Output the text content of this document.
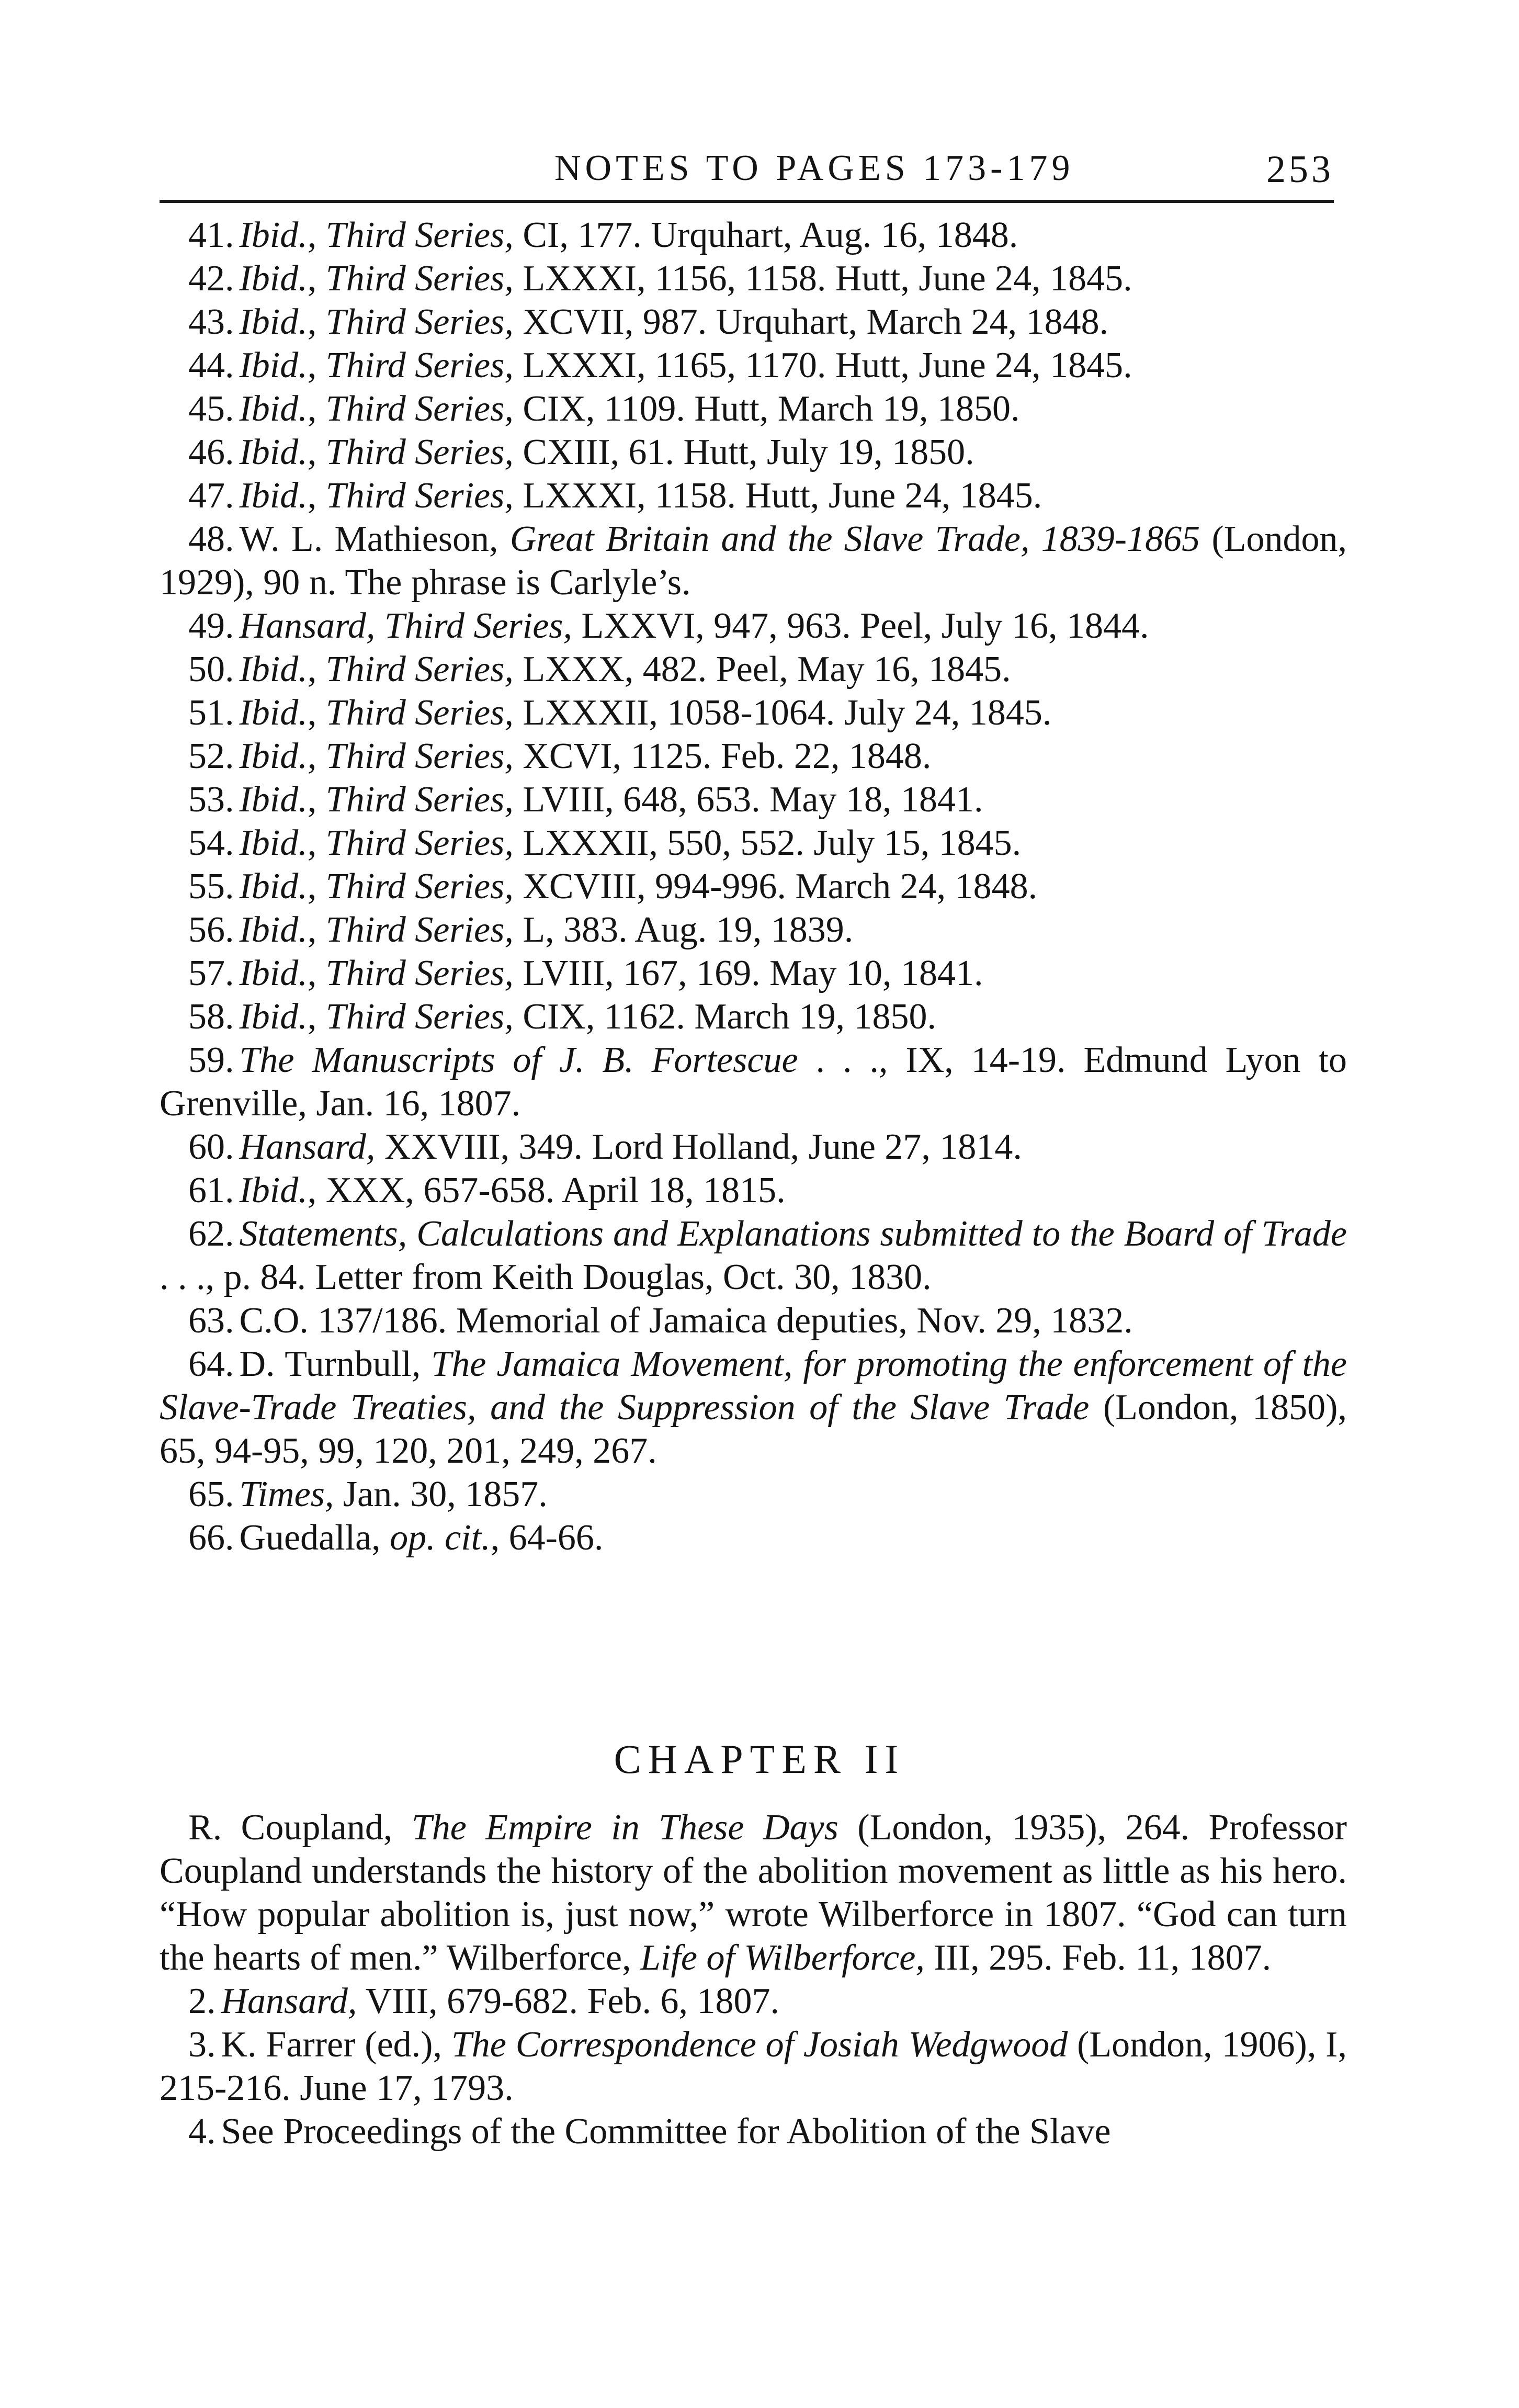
NOTES TO PAGES 173-179	253

41. Ibid., Third Series, CI, 177. Urquhart, Aug. 16, 1848.

42. Ibid., Third Series, LXXXI, 1156, 1158. Hutt, June 24, 1845.

43. Ibid., Third Series, XCVII, 987. Urquhart, March 24, 1848.

44. Ibid., Third Series, LXXXI, 1165, 1170. Hutt, June 24, 1845.

45. Ibid., Third Series, CIX, 1109. Hutt, March 19, 1850.

46. Ibid., Third Series, CXIII, 61. Hutt, July 19, 1850.

47. Ibid., Third Series, LXXXI, 1158. Hutt, June 24, 1845.

48. W. L. Mathieson, Great Britain and the Slave Trade, 1839-1865 (London, 1929), 90 n. The phrase is Carlyle’s.

49. Hansard, Third Series, LXXVI, 947, 963. Peel, July 16, 1844.

50. Ibid., Third Series, LXXX, 482. Peel, May 16, 1845.

51. Ibid., Third Series, LXXXII, 1058-1064. July 24, 1845.

52. Ibid., Third Series, XCVI, 1125. Feb. 22, 1848.

53. Ibid., Third Series, LVIII, 648, 653. May 18, 1841.

54. Ibid., Third Series, LXXXII, 550, 552. July 15, 1845.

55. Ibid., Third Series, XCVIII, 994-996. March 24, 1848.

56. Ibid., Third Series, L, 383. Aug. 19, 1839.

57. Ibid., Third Series, LVIII, 167, 169. May 10, 1841.

58. Ibid., Third Series, CIX, 1162. March 19, 1850.

59. The Manuscripts of J. B. Fortescue . . ., IX, 14-19. Edmund Lyon to Grenville, Jan. 16, 1807.

60. Hansard, XXVIII, 349. Lord Holland, June 27, 1814.

61. Ibid., XXX, 657-658. April 18, 1815.

62. Statements, Calculations and Explanations submitted to the Board of Trade . . ., p. 84. Letter from Keith Douglas, Oct. 30, 1830.

63. C.O. 137/186. Memorial of Jamaica deputies, Nov. 29, 1832.

64. D. Turnbull, The Jamaica Movement, for promoting the enforcement of the Slave-Trade Treaties, and the Suppression of the Slave Trade (London, 1850), 65, 94-95, 99, 120, 201, 249, 267.

65. Times, Jan. 30, 1857.

66. Guedalla, op. cit., 64-66.

CHAPTER II

R. Coupland, The Empire in These Days (London, 1935), 264. Professor Coupland understands the history of the abolition movement as little as his hero. “How popular abolition is, just now,” wrote Wilberforce in 1807. “God can turn the hearts of men.” Wilberforce, Life of Wilberforce, III, 295. Feb. 11, 1807.

2. Hansard, VIII, 679-682. Feb. 6, 1807.

3. K. Farrer (ed.), The Correspondence of Josiah Wedgwood (London, 1906), I, 215-216. June 17, 1793.

4. See Proceedings of the Committee for Abolition of the Slave
